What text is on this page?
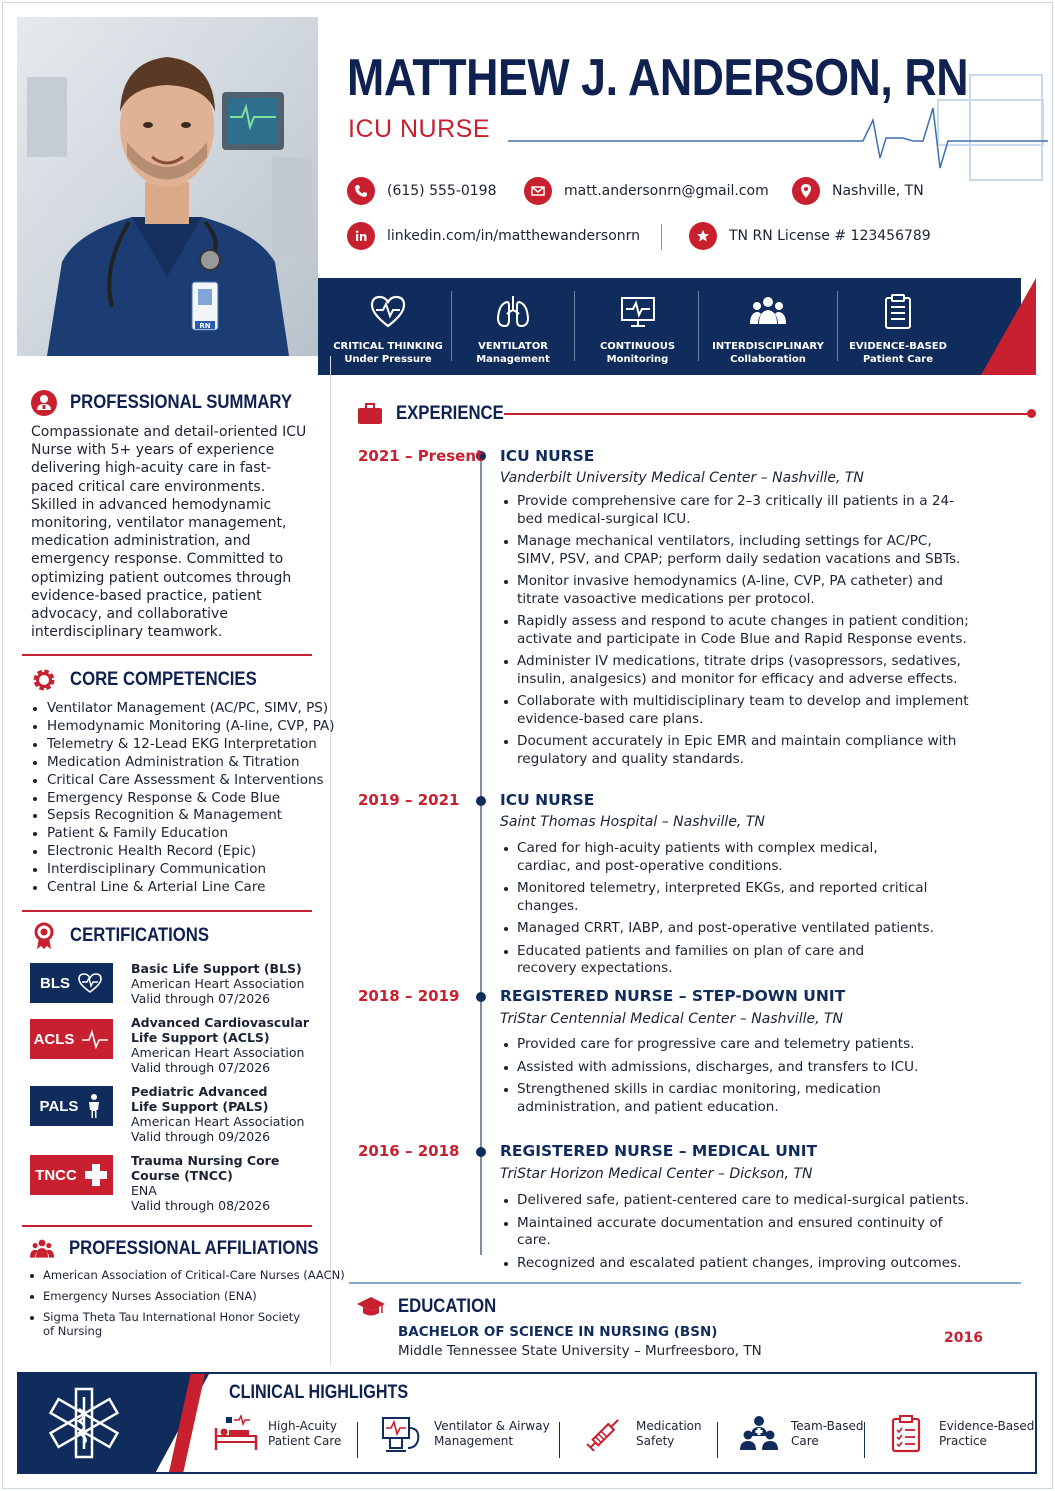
RN
MATTHEW J. ANDERSON, RN
ICU NURSE
(615) 555-0198	matt.andersonrn@gmail.com	Nashville, TN
linkedin.com/in/matthewandersonrn	TN RN License # 123456789
CRITICAL THINKING
Under Pressure
VENTILATOR
Management
CONTINUOUS
Monitoring
INTERDISCIPLINARY
Collaboration
EVIDENCE-BASED
Patient Care
PROFESSIONAL SUMMARY
Compassionate and detail-oriented ICU Nurse with 5+ years of experience delivering high-acuity care in fast-paced critical care environments. Skilled in advanced hemodynamic monitoring, ventilator management, medication administration, and emergency response. Committed to optimizing patient outcomes through evidence-based practice, patient advocacy, and collaborative interdisciplinary teamwork.
CORE COMPETENCIES
Ventilator Management (AC/PC, SIMV, PS)
Hemodynamic Monitoring (A-line, CVP, PA)
Telemetry & 12-Lead EKG Interpretation
Medication Administration & Titration
Critical Care Assessment & Interventions
Emergency Response & Code Blue
Sepsis Recognition & Management
Patient & Family Education
Electronic Health Record (Epic)
Interdisciplinary Communication
Central Line & Arterial Line Care
CERTIFICATIONS
BLS
Basic Life Support (BLS)
American Heart Association
Valid through 07/2026
ACLS
Advanced Cardiovascular
Life Support (ACLS)
American Heart Association
Valid through 07/2026
PALS
Pediatric Advanced
Life Support (PALS)
American Heart Association
Valid through 09/2026
TNCC
Trauma Nursing Core
Course (TNCC)
ENA
Valid through 08/2026
PROFESSIONAL AFFILIATIONS
American Association of Critical-Care Nurses (AACN)
Emergency Nurses Association (ENA)
Sigma Theta Tau International Honor Society
of Nursing
EXPERIENCE
2021 – Present ICU NURSE
Vanderbilt University Medical Center – Nashville, TN
Provide comprehensive care for 2–3 critically ill patients in a 24-bed medical-surgical ICU.
Manage mechanical ventilators, including settings for AC/PC, SIMV, PSV, and CPAP; perform daily sedation vacations and SBTs.
Monitor invasive hemodynamics (A-line, CVP, PA catheter) and titrate vasoactive medications per protocol.
Rapidly assess and respond to acute changes in patient condition; activate and participate in Code Blue and Rapid Response events.
Administer IV medications, titrate drips (vasopressors, sedatives, insulin, analgesics) and monitor for efficacy and adverse effects.
Collaborate with multidisciplinary team to develop and implement evidence-based care plans.
Document accurately in Epic EMR and maintain compliance with regulatory and quality standards.
2019 – 2021	ICU NURSE
Saint Thomas Hospital – Nashville, TN
Cared for high-acuity patients with complex medical, cardiac, and post-operative conditions.
Monitored telemetry, interpreted EKGs, and reported critical changes.
Managed CRRT, IABP, and post-operative ventilated patients.
Educated patients and families on plan of care and recovery expectations.
2018 – 2019	REGISTERED NURSE – STEP-DOWN UNIT
TriStar Centennial Medical Center – Nashville, TN
Provided care for progressive care and telemetry patients.
Assisted with admissions, discharges, and transfers to ICU.
Strengthened skills in cardiac monitoring, medication administration, and patient education.
2016 – 2018	REGISTERED NURSE – MEDICAL UNIT
TriStar Horizon Medical Center – Dickson, TN
Delivered safe, patient-centered care to medical-surgical patients.
Maintained accurate documentation and ensured continuity of care.
Recognized and escalated patient changes, improving outcomes.
EDUCATION
BACHELOR OF SCIENCE IN NURSING (BSN)
Middle Tennessee State University – Murfreesboro, TN
2016
CLINICAL HIGHLIGHTS
High-Acuity
Patient Care
Ventilator & Airway
Management
Medication
Safety
Team-Based
Care
Evidence-Based
Practice
